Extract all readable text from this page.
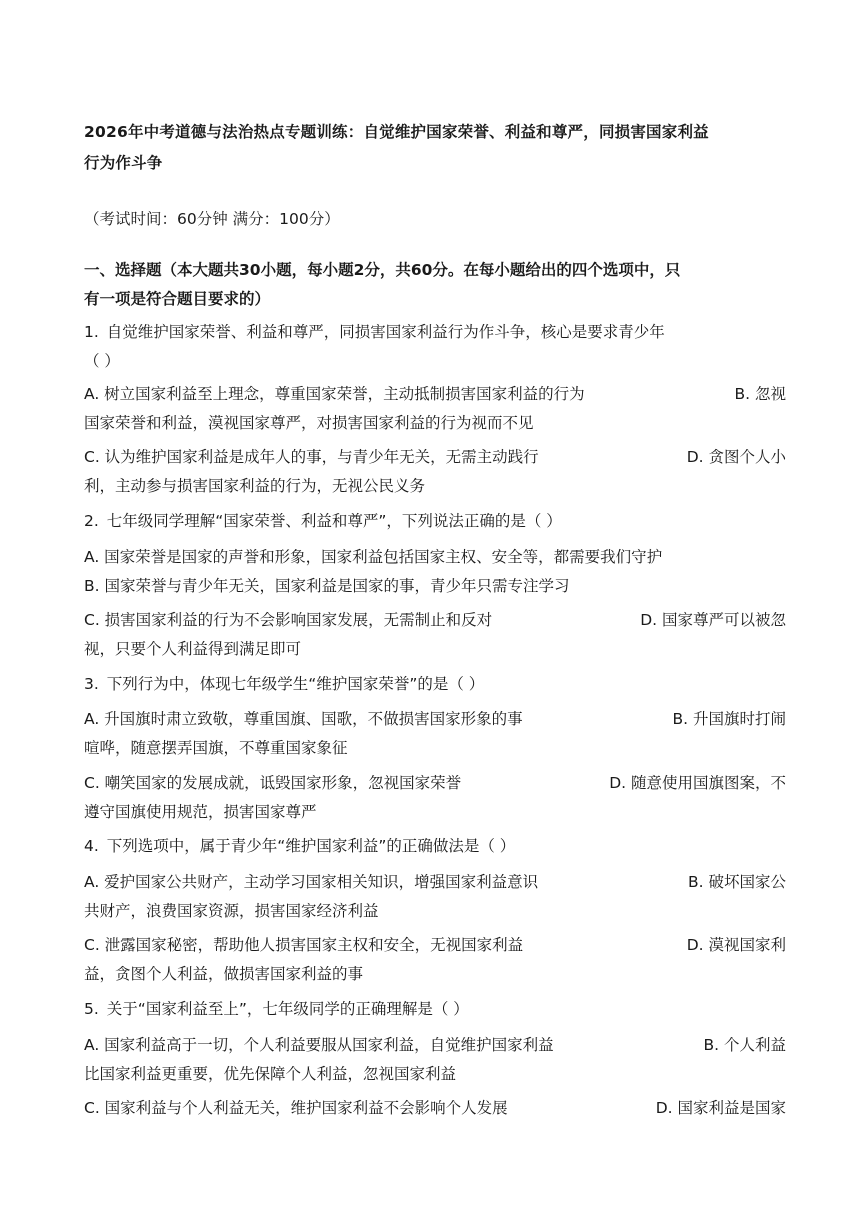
2026年中考道德与法治热点专题训练：自觉维护国家荣誉、利益和尊严，同损害国家利益
行为作斗争
（考试时间：60分钟 满分：100分）
一、选择题（本大题共30小题，每小题2分，共60分。在每小题给出的四个选项中，只
有一项是符合题目要求的）
1. 自觉维护国家荣誉、利益和尊严，同损害国家利益行为作斗争，核心是要求青少年
（ ）
A. 树立国家利益至上理念，尊重国家荣誉，主动抵制损害国家利益的行为	B. 忽视
国家荣誉和利益，漠视国家尊严，对损害国家利益的行为视而不见
C. 认为维护国家利益是成年人的事，与青少年无关，无需主动践行	D. 贪图个人小
利，主动参与损害国家利益的行为，无视公民义务
2. 七年级同学理解“国家荣誉、利益和尊严”，下列说法正确的是（ ）
A. 国家荣誉是国家的声誉和形象，国家利益包括国家主权、安全等，都需要我们守护
B. 国家荣誉与青少年无关，国家利益是国家的事，青少年只需专注学习
C. 损害国家利益的行为不会影响国家发展，无需制止和反对	D. 国家尊严可以被忽
视，只要个人利益得到满足即可
3. 下列行为中，体现七年级学生“维护国家荣誉”的是（ ）
A. 升国旗时肃立致敬，尊重国旗、国歌，不做损害国家形象的事	B. 升国旗时打闹
喧哗，随意摆弄国旗，不尊重国家象征
C. 嘲笑国家的发展成就，诋毁国家形象，忽视国家荣誉	D. 随意使用国旗图案，不
遵守国旗使用规范，损害国家尊严
4. 下列选项中，属于青少年“维护国家利益”的正确做法是（ ）
A. 爱护国家公共财产，主动学习国家相关知识，增强国家利益意识	B. 破坏国家公
共财产，浪费国家资源，损害国家经济利益
C. 泄露国家秘密，帮助他人损害国家主权和安全，无视国家利益	D. 漠视国家利
益，贪图个人利益，做损害国家利益的事
5. 关于“国家利益至上”，七年级同学的正确理解是（ ）
A. 国家利益高于一切，个人利益要服从国家利益，自觉维护国家利益	B. 个人利益
比国家利益更重要，优先保障个人利益，忽视国家利益
C. 国家利益与个人利益无关，维护国家利益不会影响个人发展	D. 国家利益是国家
